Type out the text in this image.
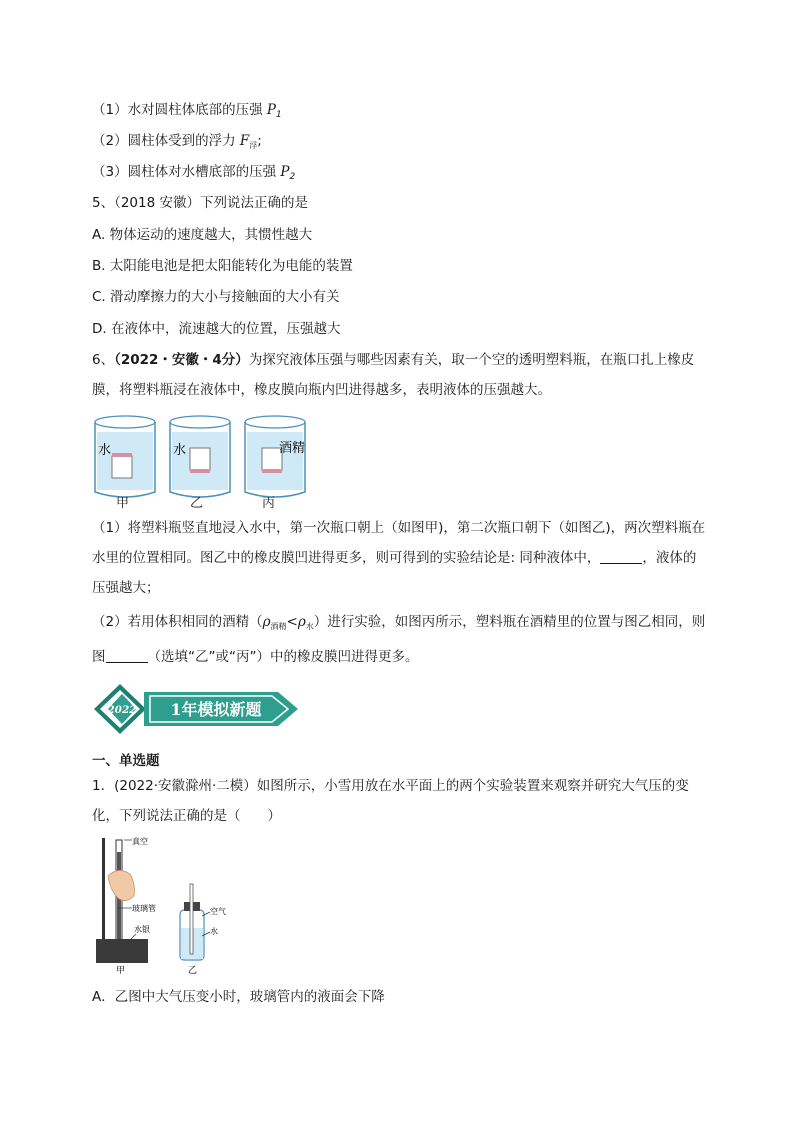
（1）水对圆柱体底部的压强 $P_1$
（2）圆柱体受到的浮力 $F_浮$;
（3）圆柱体对水槽底部的压强 $P_2$
5、（2018 安徽）下列说法正确的是
A. 物体运动的速度越大，其惯性越大
B. 太阳能电池是把太阳能转化为电能的装置
C. 滑动摩擦力的大小与接触面的大小有关
D. 在液体中，流速越大的位置，压强越大
6、（2022・安徽・4分）为探究液体压强与哪些因素有关，取一个空的透明塑料瓶，在瓶口扎上橡皮膜，将塑料瓶浸在液体中，橡皮膜向瓶内凹进得越多，表明液体的压强越大。
水	水	酒精
甲	乙	丙
（1）将塑料瓶竖直地浸入水中，第一次瓶口朝上（如图甲)，第二次瓶口朝下（如图乙)，两次塑料瓶在水里的位置相同。图乙中的橡皮膜凹进得更多，则可得到的实验结论是: 同种液体中，	，液体的压强越大；
（2）若用体积相同的酒精$(\rho_{酒精}<\rho_水)$进行实验，如图丙所示，塑料瓶在酒精里的位置与图乙相同，则图	（选填“乙”或“丙”）中的橡皮膜凹进得更多。
2022 1年模拟新题
一、单选题
1．(2022·安徽滁州·二模）如图所示，小雪用放在水平面上的两个实验装置来观察并研究大气压的变
化，下列说法正确的是（　　）
真空
玻璃管
水银
甲
空气
水
乙
A．乙图中大气压变小时，玻璃管内的液面会下降
